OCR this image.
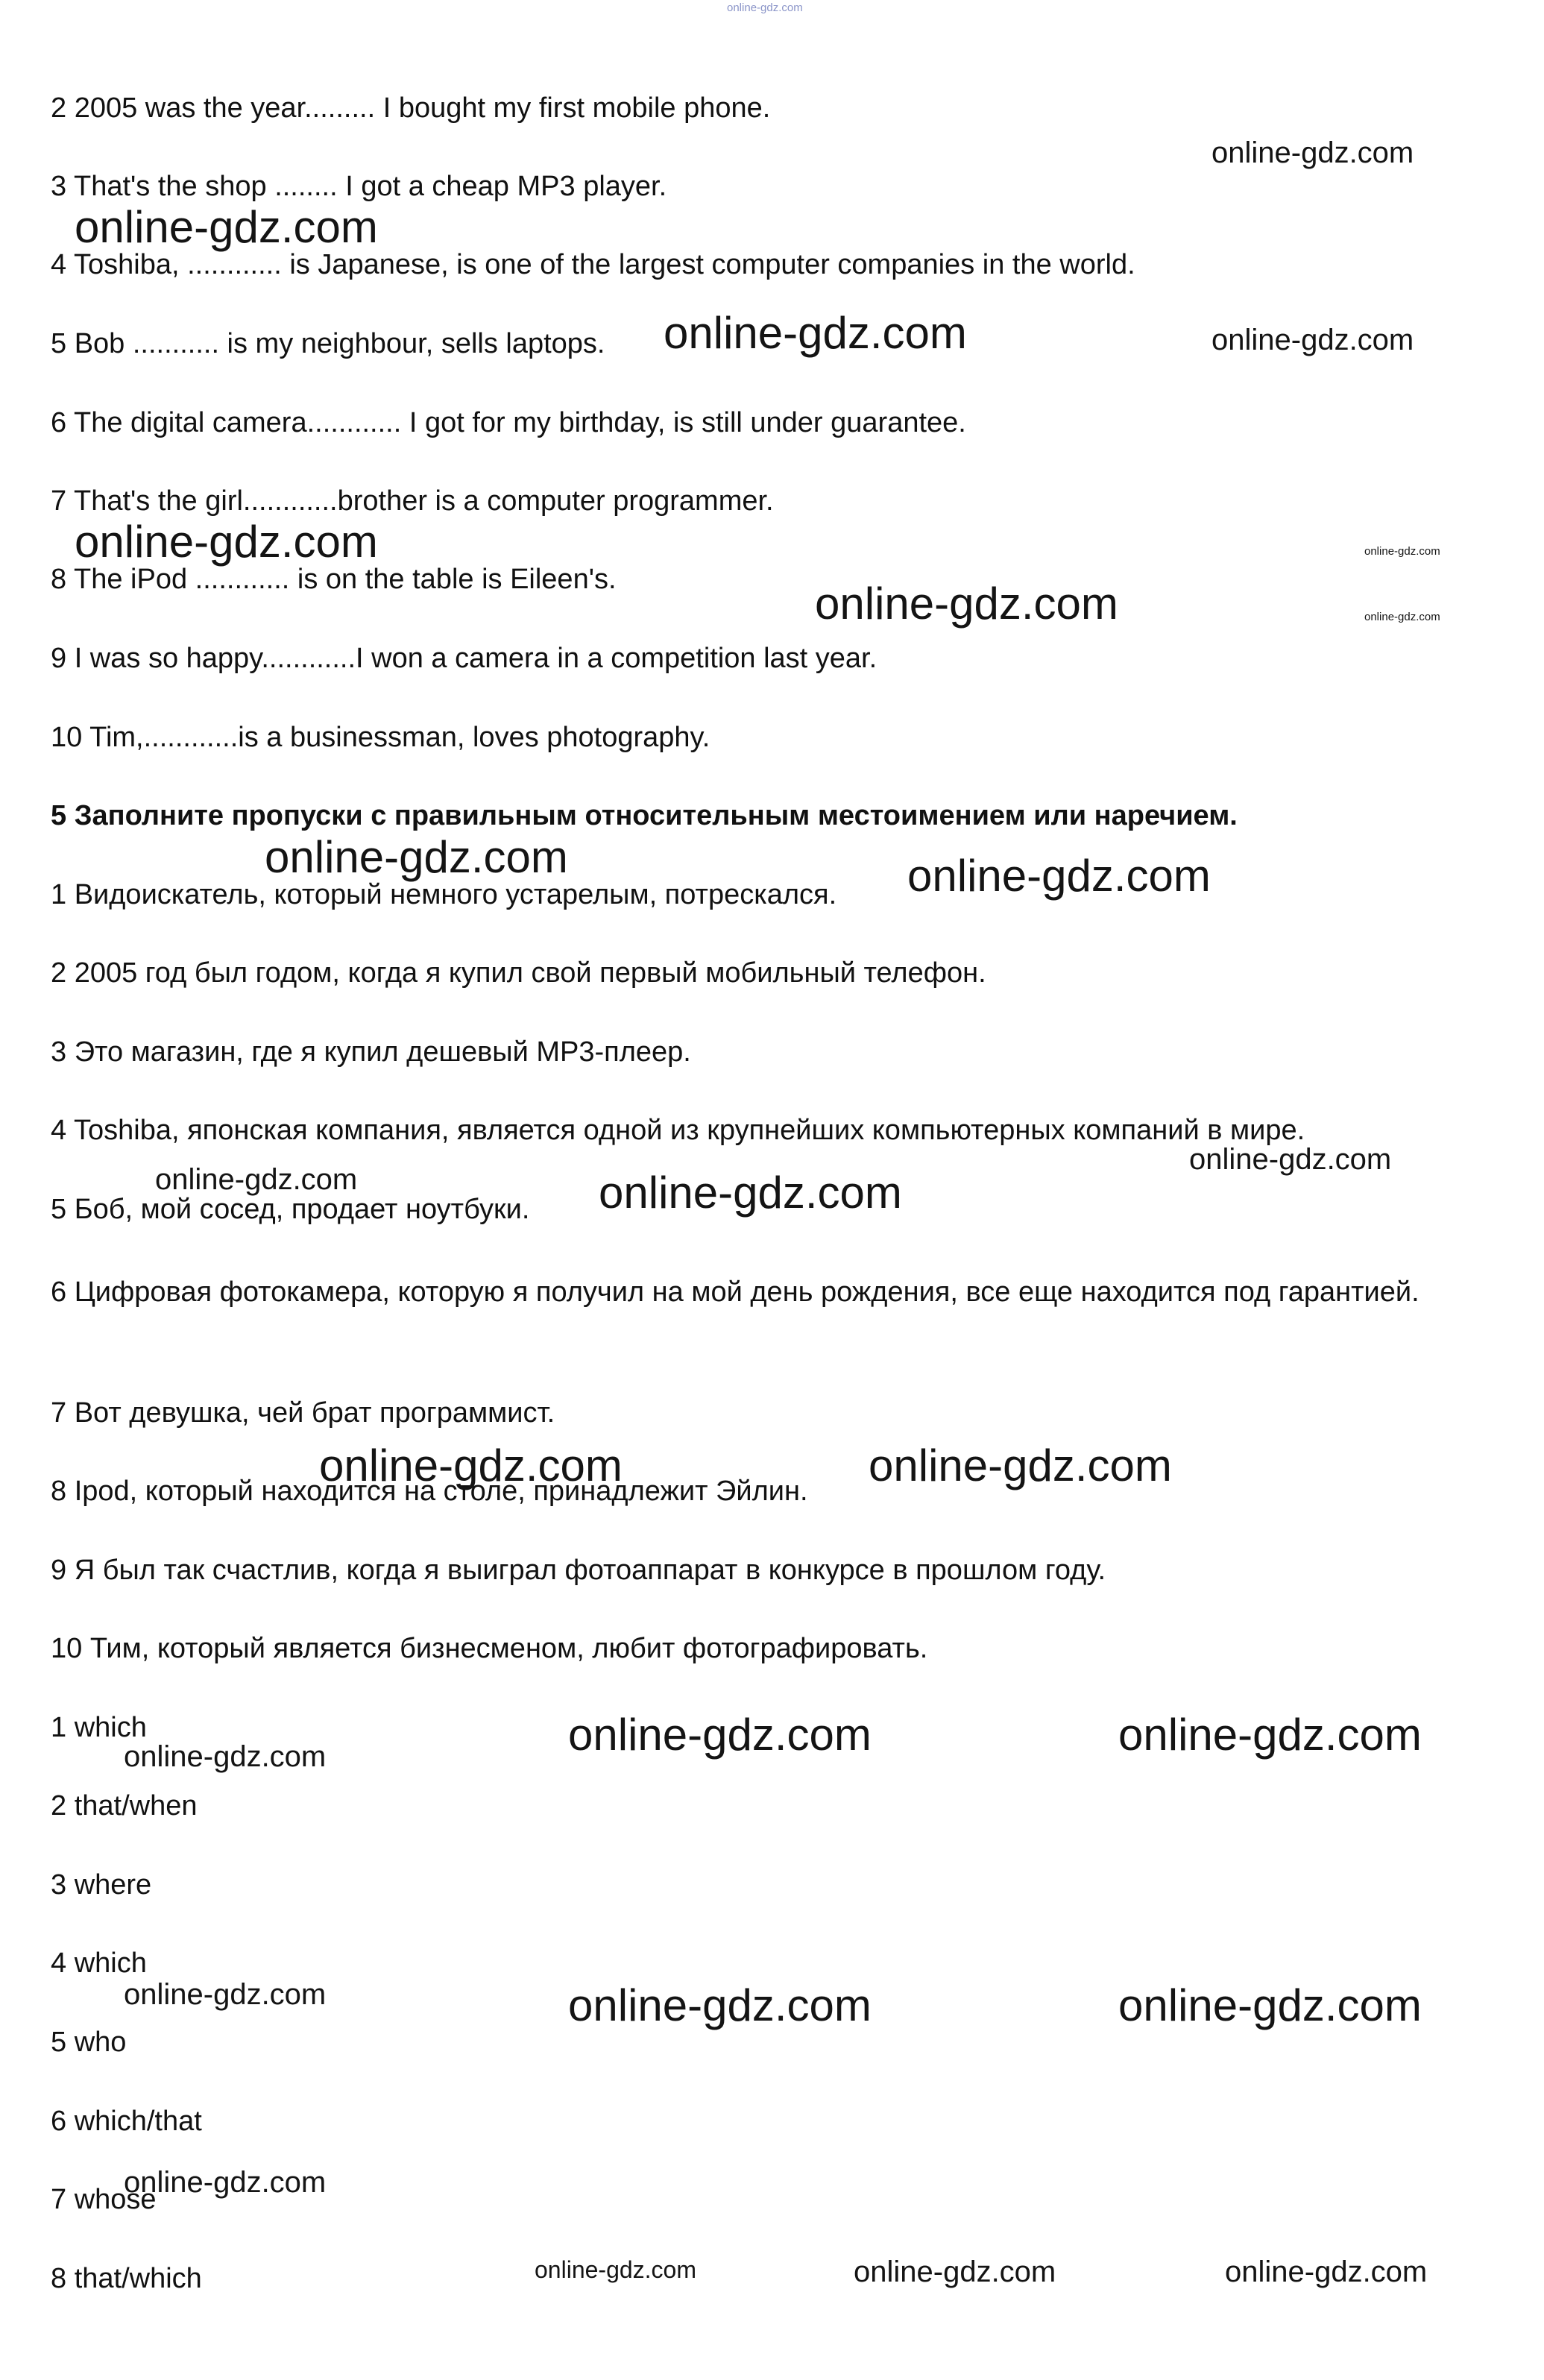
online-gdz.com
2 2005 was the year......... I bought my first mobile phone.
3 That's the shop ........ I got a cheap MP3 player.
4 Toshiba, ............ is Japanese, is one of the largest computer companies in the world.
5 Bob ........... is my neighbour, sells laptops.
6 The digital camera............ I got for my birthday, is still under guarantee.
7 That's the girl............brother is a computer programmer.
8 The iPod ............ is on the table is Eileen's.
9 I was so happy............I won a camera in a competition last year.
10 Tim,............is a businessman, loves photography.
5 Заполните пропуски с правильным относительным местоимением или наречием.
1 Видоискатель, который немного устарелым, потрескался.
2 2005 год был годом, когда я купил свой первый мобильный телефон.
3 Это магазин, где я купил дешевый MP3-плеер.
4 Toshiba, японская компания, является одной из крупнейших компьютерных компаний в мире.
5 Боб, мой сосед, продает ноутбуки.
6 Цифровая фотокамера, которую я получил на мой день рождения, все еще находится под гарантией.
7 Вот девушка, чей брат программист.
8 Ipod, который находится на столе, принадлежит Эйлин.
9 Я был так счастлив, когда я выиграл фотоаппарат в конкурсе в прошлом году.
10 Тим, который является бизнесменом, любит фотографировать.
1 which
2 that/when
3 where
4 which
5 who
6 which/that
7 whose
8 that/which
online-gdz.com
online-gdz.com
online-gdz.com	online-gdz.com
online-gdz.com	online-gdz.com
online-gdz.com	online-gdz.com
online-gdz.com	online-gdz.com
online-gdz.com
online-gdz.com	online-gdz.com
online-gdz.com	online-gdz.com
online-gdz.com	online-gdz.com
online-gdz.com
online-gdz.com	online-gdz.com	online-gdz.com
online-gdz.com
online-gdz.com	online-gdz.com	online-gdz.com
